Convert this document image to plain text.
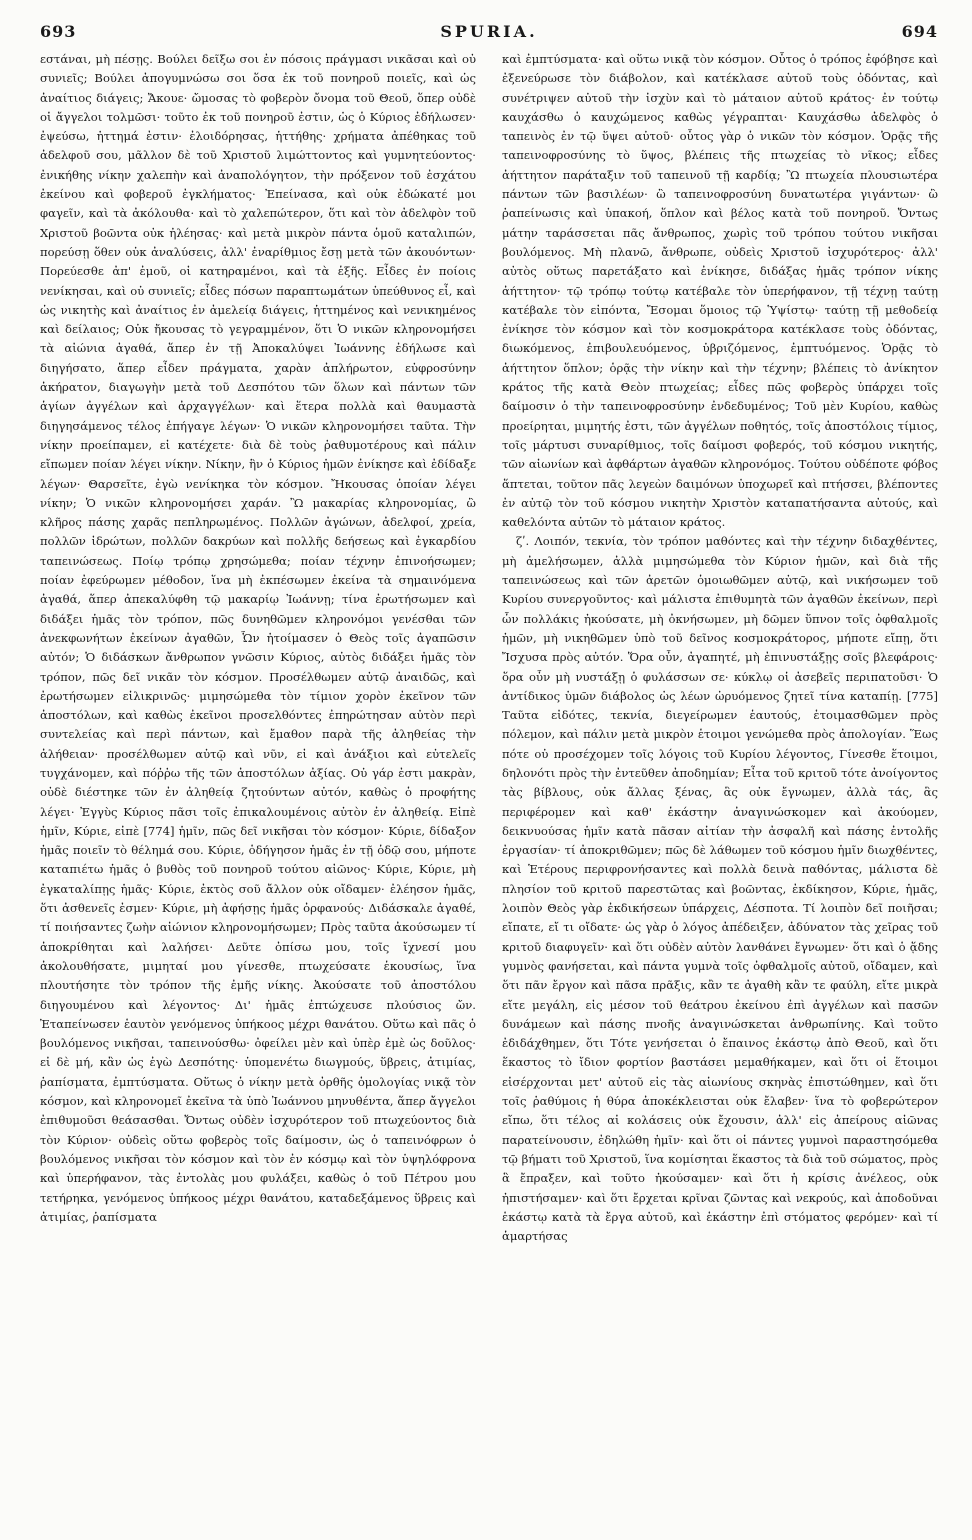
693	SPURIA.	694

εστάναι, μὴ πέσῃς. Βούλει δεῖξω σοι ἐν πόσοις πράγμασι νικᾶσαι καὶ οὐ συνιεῖς; Βούλει ἀπογυμνώσω σοι ὅσα ἐκ τοῦ πονηροῦ ποιεῖς, καὶ ὡς ἀναίτιος διάγεις; Ἄκουε· ὤμοσας τὸ φοβερὸν ὄνομα τοῦ Θεοῦ, ὅπερ οὐδὲ οἱ ἄγγελοι τολμῶσι· τοῦτο ἐκ τοῦ πονηροῦ ἐστιν, ὡς ὁ Κύριος ἐδήλωσεν· ἐψεύσω, ἡττημά ἐστιν· ἐλοιδόρησας, ἡττήθης· χρήματα ἀπέθηκας τοῦ ἀδελφοῦ σου, μᾶλλον δὲ τοῦ Χριστοῦ λιμώττοντος καὶ γυμνητεύοντος· ἐνικήθης νίκην χαλεπὴν καὶ ἀναπολόγητον, τὴν πρόξενον τοῦ ἐσχάτου ἐκείνου καὶ φοβεροῦ ἐγκλήματος· Ἐπείνασα, καὶ οὐκ ἐδώκατέ μοι φαγεῖν, καὶ τὰ ἀκόλουθα· καὶ τὸ χαλεπώτερον, ὅτι καὶ τὸν ἀδελφὸν τοῦ Χριστοῦ βοῶντα οὐκ ἠλέησας· καὶ μετὰ μικρὸν πάντα ὁμοῦ καταλιπών, πορεύσῃ ὅθεν οὐκ ἀναλύσεις, ἀλλ' ἐναρίθμιος ἔσῃ μετὰ τῶν ἀκουόντων· Πορεύεσθε ἀπ' ἐμοῦ, οἱ κατηραμένοι, καὶ τὰ ἑξῆς. Εἶδες ἐν ποίοις νενίκησαι, καὶ οὐ συνιεῖς; εἶδες πόσων παραπτωμάτων ὑπεύθυνος εἶ, καὶ ὡς νικητὴς καὶ ἀναίτιος ἐν ἀμελείᾳ διάγεις, ἡττημένος καὶ νενικημένος καὶ δείλαιος; Οὐκ ἤκουσας τὸ γεγραμμένον, ὅτι Ὁ νικῶν κληρονομήσει τὰ αἰώνια ἀγαθά, ἅπερ ἐν τῇ Ἀποκαλύψει Ἰωάννης ἐδήλωσε καὶ διηγήσατο, ἅπερ εἶδεν πράγματα, χαρὰν ἀπλήρωτον, εὐφροσύνην ἀκήρατον, διαγωγὴν μετὰ τοῦ Δεσπότου τῶν ὅλων καὶ πάντων τῶν ἁγίων ἀγγέλων καὶ ἀρχαγγέλων· καὶ ἕτερα πολλὰ καὶ θαυμαστὰ διηγησάμενος τέλος ἐπήγαγε λέγων· Ὁ νικῶν κληρονομήσει ταῦτα. Τὴν νίκην προείπαμεν, εἰ κατέχετε· διὰ δὲ τοὺς ῥαθυμοτέρους καὶ πάλιν εἴπωμεν ποίαν λέγει νίκην. Νίκην, ἣν ὁ Κύριος ἡμῶν ἐνίκησε καὶ ἐδίδαξε λέγων· Θαρσεῖτε, ἐγὼ νενίκηκα τὸν κόσμον. Ἤκουσας ὁποίαν λέγει νίκην; Ὁ νικῶν κληρονομήσει χαράν. Ὢ μακαρίας κληρονομίας, ὢ κλῆρος πάσης χαρᾶς πεπληρωμένος. Πολλῶν ἀγώνων, ἀδελφοί, χρεία, πολλῶν ἱδρώτων, πολλῶν δακρύων καὶ πολλῆς δεήσεως καὶ ἐγκαρδίου ταπεινώσεως. Ποίῳ τρόπῳ χρησώμεθα; ποίαν τέχνην ἐπινοήσωμεν; ποίαν ἐφεύρωμεν μέθοδον, ἵνα μὴ ἐκπέσωμεν ἐκείνα τὰ σημαινόμενα ἀγαθά, ἅπερ ἀπεκαλύφθη τῷ μακαρίῳ Ἰωάννῃ; τίνα ἐρωτήσωμεν καὶ διδάξει ἡμᾶς τὸν τρόπον, πῶς δυνηθῶμεν κληρονόμοι γενέσθαι τῶν ἀνεκφωνήτων ἐκείνων ἀγαθῶν, Ὧν ἡτοίμασεν ὁ Θεὸς τοῖς ἀγαπῶσιν αὐτόν; Ὁ διδάσκων ἄνθρωπον γνῶσιν Κύριος, αὐτὸς διδάξει ἡμᾶς τὸν τρόπον, πῶς δεῖ νικᾶν τὸν κόσμον. Προσέλθωμεν αὐτῷ ἀναιδῶς, καὶ ἐρωτήσωμεν εἰλικρινῶς· μιμησώμεθα τὸν τίμιον χορὸν ἐκεῖνον τῶν ἀποστόλων, καὶ καθὼς ἐκεῖνοι προσελθόντες ἐπηρώτησαν αὐτὸν περὶ συντελείας καὶ περὶ πάντων, καὶ ἔμαθον παρὰ τῆς ἀληθείας τὴν ἀλήθειαν· προσέλθωμεν αὐτῷ καὶ νῦν, εἰ καὶ ἀνάξιοι καὶ εὐτελεῖς τυγχάνομεν, καὶ πόῤῥω τῆς τῶν ἀποστόλων ἀξίας. Οὐ γάρ ἐστι μακρὰν, οὐδὲ διέστηκε τῶν ἐν ἀληθείᾳ ζητούντων αὐτόν, καθὼς ὁ προφήτης λέγει· Ἐγγὺς Κύριος πᾶσι τοῖς ἐπικαλουμένοις αὐτὸν ἐν ἀληθείᾳ. Εἰπὲ ἡμῖν, Κύριε, εἰπὲ [774] ἡμῖν, πῶς δεῖ νικῆσαι τὸν κόσμον· Κύριε, δίδαξον ἡμᾶς ποιεῖν τὸ θέλημά σου. Κύριε, ὁδήγησον ἡμᾶς ἐν τῇ ὁδῷ σου, μήποτε καταπιέτω ἡμᾶς ὁ βυθὸς τοῦ πονηροῦ τούτου αἰῶνος· Κύριε, Κύριε, μὴ ἐγκαταλίπῃς ἡμᾶς· Κύριε, ἐκτὸς σοῦ ἄλλον οὐκ οἴδαμεν· ἐλέησον ἡμᾶς, ὅτι ἀσθενεῖς ἐσμεν· Κύριε, μὴ ἀφήσῃς ἡμᾶς ὀρφανούς· Διδάσκαλε ἀγαθέ, τί ποιήσαντες ζωὴν αἰώνιον κληρονομήσωμεν; Πρὸς ταῦτα ἀκούσωμεν τί ἀποκρίθηται καὶ λαλήσει· Δεῦτε ὀπίσω μου, τοῖς ἴχνεσί μου ἀκολουθήσατε, μιμηταί μου γίνεσθε, πτωχεύσατε ἑκουσίως, ἵνα πλουτήσητε τὸν τρόπον τῆς ἐμῆς νίκης. Ἀκούσατε τοῦ ἀποστόλου διηγουμένου καὶ λέγοντος· Δι' ἡμᾶς ἐπτώχευσε πλούσιος ὤν. Ἐταπείνωσεν ἑαυτὸν γενόμενος ὑπήκοος μέχρι θανάτου. Οὕτω καὶ πᾶς ὁ βουλόμενος νικῆσαι, ταπεινούσθω· ὀφείλει μὲν καὶ ὑπὲρ ἐμὲ ὡς δοῦλος· εἰ δὲ μή, κἂν ὡς ἐγὼ Δεσπότης· ὑπομενέτω διωγμούς, ὕβρεις, ἀτιμίας, ῥαπίσματα, ἐμπτύσματα. Οὕτως ὁ νίκην μετὰ ὀρθῆς ὁμολογίας νικᾷ τὸν κόσμον, καὶ κληρονομεῖ ἐκεῖνα τὰ ὑπὸ Ἰωάννου μηνυθέντα, ἅπερ ἄγγελοι ἐπιθυμοῦσι θεάσασθαι. Ὄντως οὐδὲν ἰσχυρότερον τοῦ πτωχεύοντος διὰ τὸν Κύριον· οὐδεὶς οὕτω φοβερὸς τοῖς δαίμοσιν, ὡς ὁ ταπεινόφρων ὁ βουλόμενος νικῆσαι τὸν κόσμον καὶ τὸν ἐν κόσμῳ καὶ τὸν ὑψηλόφρονα καὶ ὑπερήφανον, τὰς ἐντολὰς μου φυλάξει, καθὼς ὁ τοῦ Πέτρου μου τετήρηκα, γενόμενος ὑπήκοος μέχρι θανάτου, καταδεξάμενος ὕβρεις καὶ ἀτιμίας, ῥαπίσματα

καὶ ἐμπτύσματα· καὶ οὕτω νικᾷ τὸν κόσμον. Οὗτος ὁ τρόπος ἐφόβησε καὶ ἐξενεύρωσε τὸν διάβολον, καὶ κατέκλασε αὐτοῦ τοὺς ὀδόντας, καὶ συνέτριψεν αὐτοῦ τὴν ἰσχὺν καὶ τὸ μάταιον αὐτοῦ κράτος· ἐν τούτῳ καυχάσθω ὁ καυχώμενος καθὼς γέγραπται· Καυχάσθω ἀδελφὸς ὁ ταπεινὸς ἐν τῷ ὕψει αὐτοῦ· οὗτος γὰρ ὁ νικῶν τὸν κόσμον. Ὁρᾷς τῆς ταπεινοφροσύνης τὸ ὕψος, βλέπεις τῆς πτωχείας τὸ νῖκος; εἶδες ἀήττητον παράταξιν τοῦ ταπεινοῦ τῇ καρδίᾳ; Ὢ πτωχεία πλουσιωτέρα πάντων τῶν βασιλέων· ὢ ταπεινοφροσύνη δυνατωτέρα γιγάντων· ὢ ῥαπείνωσις καὶ ὑπακοή, ὅπλον καὶ βέλος κατὰ τοῦ πονηροῦ. Ὄντως μάτην ταράσσεται πᾶς ἄνθρωπος, χωρὶς τοῦ τρόπου τούτου νικῆσαι βουλόμενος. Μὴ πλανῶ, ἄνθρωπε, οὐδεὶς Χριστοῦ ἰσχυρότερος· ἀλλ' αὐτὸς οὕτως παρετάξατο καὶ ἐνίκησε, διδάξας ἡμᾶς τρόπον νίκης ἀήττητον· τῷ τρόπῳ τούτῳ κατέβαλε τὸν ὑπερήφανον, τῇ τέχνῃ ταύτῃ κατέβαλε τὸν εἰπόντα, Ἔσομαι ὅμοιος τῷ Ὑψίστῳ· ταύτῃ τῇ μεθοδείᾳ ἐνίκησε τὸν κόσμον καὶ τὸν κοσμοκράτορα κατέκλασε τοὺς ὀδόντας, διωκόμενος, ἐπιβουλευόμενος, ὑβριζόμενος, ἐμπτυόμενος. Ὁρᾷς τὸ ἀήττητον ὅπλον; ὁρᾷς τὴν νίκην καὶ τὴν τέχνην; βλέπεις τὸ ἀνίκητον κράτος τῆς κατὰ Θεὸν πτωχείας; εἶδες πῶς φοβερὸς ὑπάρχει τοῖς δαίμοσιν ὁ τὴν ταπεινοφροσύνην ἐνδεδυμένος; Τοῦ μὲν Κυρίου, καθὼς προείρηται, μιμητής ἐστι, τῶν ἀγγέλων ποθητός, τοῖς ἀποστόλοις τίμιος, τοῖς μάρτυσι συναρίθμιος, τοῖς δαίμοσι φοβερός, τοῦ κόσμου νικητής, τῶν αἰωνίων καὶ ἀφθάρτων ἀγαθῶν κληρονόμος. Τούτου οὐδέποτε φόβος ἅπτεται, τοῦτον πᾶς λεγεὼν δαιμόνων ὑποχωρεῖ καὶ πτήσσει, βλέποντες ἐν αὐτῷ τὸν τοῦ κόσμου νικητὴν Χριστὸν καταπατήσαντα αὐτούς, καὶ καθελόντα αὐτῶν τὸ μάταιον κράτος.

ζʹ. Λοιπόν, τεκνία, τὸν τρόπον μαθόντες καὶ τὴν τέχνην διδαχθέντες, μὴ ἀμελήσωμεν, ἀλλὰ μιμησώμεθα τὸν Κύριον ἡμῶν, καὶ διὰ τῆς ταπεινώσεως καὶ τῶν ἀρετῶν ὁμοιωθῶμεν αὐτῷ, καὶ νικήσωμεν τοῦ Κυρίου συνεργοῦντος· καὶ μάλιστα ἐπιθυμητὰ τῶν ἀγαθῶν ἐκείνων, περὶ ὧν πολλάκις ἠκούσατε, μὴ ὀκνήσωμεν, μὴ δῶμεν ὕπνον τοῖς ὀφθαλμοῖς ἡμῶν, μὴ νικηθῶμεν ὑπὸ τοῦ δεῖνος κοσμοκράτορος, μήποτε εἴπῃ, ὅτι Ἴσχυσα πρὸς αὐτόν. Ὅρα οὖν, ἀγαπητέ, μὴ ἐπινυστάξῃς σοῖς βλεφάροις· ὅρα οὖν μὴ νυστάξῃ ὁ φυλάσσων σε· κύκλῳ οἱ ἀσεβεῖς περιπατοῦσι· Ὁ ἀντίδικος ὑμῶν διάβολος ὡς λέων ὠρυόμενος ζητεῖ τίνα καταπίῃ. [775] Ταῦτα εἰδότες, τεκνία, διεγείρωμεν ἑαυτούς, ἑτοιμασθῶμεν πρὸς πόλεμον, καὶ πάλιν μετὰ μικρὸν ἑτοιμοι γενώμεθα πρὸς ἀπολογίαν. Ἕως πότε οὐ προσέχομεν τοῖς λόγοις τοῦ Κυρίου λέγοντος, Γίνεσθε ἕτοιμοι, δηλονότι πρὸς τὴν ἐντεῦθεν ἀποδημίαν; Εἶτα τοῦ κριτοῦ τότε ἀνοίγοντος τὰς βίβλους, οὐκ ἄλλας ξένας, ἃς οὐκ ἔγνωμεν, ἀλλὰ τάς, ἃς περιφέρομεν καὶ καθ' ἑκάστην ἀναγινώσκομεν καὶ ἀκούομεν, δεικνυούσας ἡμῖν κατὰ πᾶσαν αἰτίαν τὴν ἀσφαλῆ καὶ πάσης ἐντολῆς ἐργασίαν· τί ἀποκριθῶμεν; πῶς δὲ λάθωμεν τοῦ κόσμου ἡμῖν διωχθέντες, καὶ Ἑτέρους περιφρονήσαντες καὶ πολλὰ δεινὰ παθόντας, μάλιστα δὲ πλησίον τοῦ κριτοῦ παρεστῶτας καὶ βοῶντας, ἐκδίκησον, Κύριε, ἡμᾶς, λοιπὸν Θεὸς γὰρ ἐκδικήσεων ὑπάρχεις, Δέσποτα. Τί λοιπὸν δεῖ ποιῆσαι; εἴπατε, εἴ τι οἴδατε· ὡς γὰρ ὁ λόγος ἀπέδειξεν, ἀδύνατον τὰς χεῖρας τοῦ κριτοῦ διαφυγεῖν· καὶ ὅτι οὐδὲν αὐτὸν λανθάνει ἔγνωμεν· ὅτι καὶ ὁ ᾅδης γυμνὸς φανήσεται, καὶ πάντα γυμνὰ τοῖς ὀφθαλμοῖς αὐτοῦ, οἴδαμεν, καὶ ὅτι πᾶν ἔργον καὶ πᾶσα πρᾶξις, κἂν τε ἀγαθὴ κἂν τε φαύλη, εἴτε μικρὰ εἴτε μεγάλη, εἰς μέσον τοῦ θεάτρου ἐκείνου ἐπὶ ἀγγέλων καὶ πασῶν δυνάμεων καὶ πάσης πνοῆς ἀναγινώσκεται ἀνθρωπίνης. Καὶ τοῦτο ἐδιδάχθημεν, ὅτι Τότε γενήσεται ὁ ἔπαινος ἑκάστῳ ἀπὸ Θεοῦ, καὶ ὅτι ἕκαστος τὸ ἴδιον φορτίον βαστάσει μεμαθήκαμεν, καὶ ὅτι οἱ ἕτοιμοι εἰσέρχονται μετ' αὐτοῦ εἰς τὰς αἰωνίους σκηνὰς ἐπιστώθημεν, καὶ ὅτι τοῖς ῥαθύμοις ἡ θύρα ἀποκέκλεισται οὐκ ἔλαβεν· ἵνα τὸ φοβερώτερον εἴπω, ὅτι τέλος αἱ κολάσεις οὐκ ἔχουσιν, ἀλλ' εἰς ἀπείρους αἰῶνας παρατείνουσιν, ἐδηλώθη ἡμῖν· καὶ ὅτι οἱ πάντες γυμνοὶ παραστησόμεθα τῷ βήματι τοῦ Χριστοῦ, ἵνα κομίσηται ἕκαστος τὰ διὰ τοῦ σώματος, πρὸς ἃ ἔπραξεν, καὶ τοῦτο ἠκούσαμεν· καὶ ὅτι ἡ κρίσις ἀνέλεος, οὐκ ἠπιστήσαμεν· καὶ ὅτι ἔρχεται κρῖναι ζῶντας καὶ νεκρούς, καὶ ἀποδοῦναι ἑκάστῳ κατὰ τὰ ἔργα αὐτοῦ, καὶ ἑκάστην ἐπὶ στόματος φερόμεν· καὶ τί ἁμαρτήσας
